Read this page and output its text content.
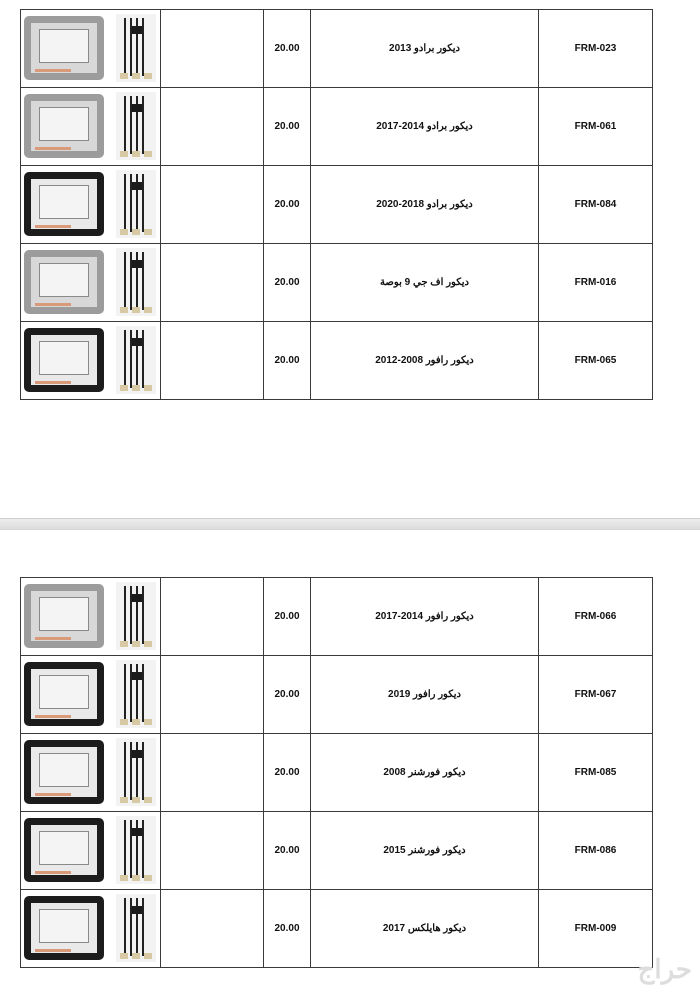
		20.00	ديكور برادو 2013	FRM-023

		20.00	ديكور برادو 2014-2017	FRM-061

		20.00	ديكور برادو 2018-2020	FRM-084

		20.00	ديكور اف جي 9 بوصة	FRM-016

		20.00	ديكور رافور 2008-2012	FRM-065
		20.00	ديكور رافور 2014-2017	FRM-066

		20.00	ديكور رافور 2019	FRM-067

		20.00	ديكور فورشنر 2008	FRM-085

		20.00	ديكور فورشنر 2015	FRM-086

		20.00	ديكور هايلكس 2017	FRM-009
حراج
